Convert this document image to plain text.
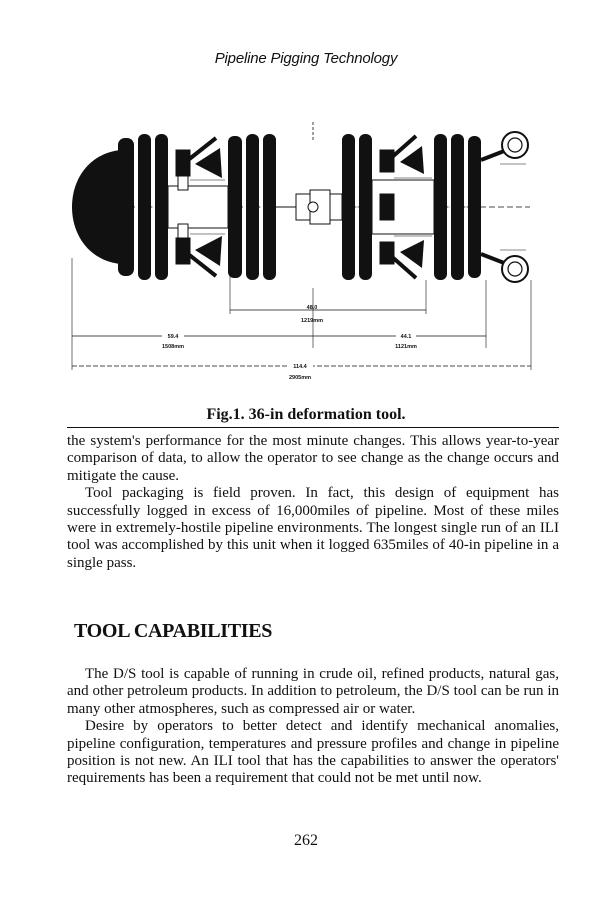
Pipeline Pigging Technology
48.0
1219mm
59.4
1508mm
44.1
1121mm
114.4
2905mm
Fig.1. 36-in deformation tool.

the system's performance for the most minute changes. This allows year-to-year comparison of data, to allow the operator to see change as the change occurs and mitigate the cause.

Tool packaging is field proven. In fact, this design of equipment has successfully logged in excess of 16,000miles of pipeline. Most of these miles were in extremely-hostile pipeline environments. The longest single run of an ILI tool was accomplished by this unit when it logged 635miles of 40-in pipeline in a single pass.

TOOL CAPABILITIES

The D/S tool is capable of running in crude oil, refined products, natural gas, and other petroleum products. In addition to petroleum, the D/S tool can be run in many other atmospheres, such as compressed air or water.

Desire by operators to better detect and identify mechanical anomalies, pipeline configuration, temperatures and pressure profiles and change in pipeline position is not new. An ILI tool that has the capabilities to answer the operators' requirements has been a requirement that could not be met until now.

262
